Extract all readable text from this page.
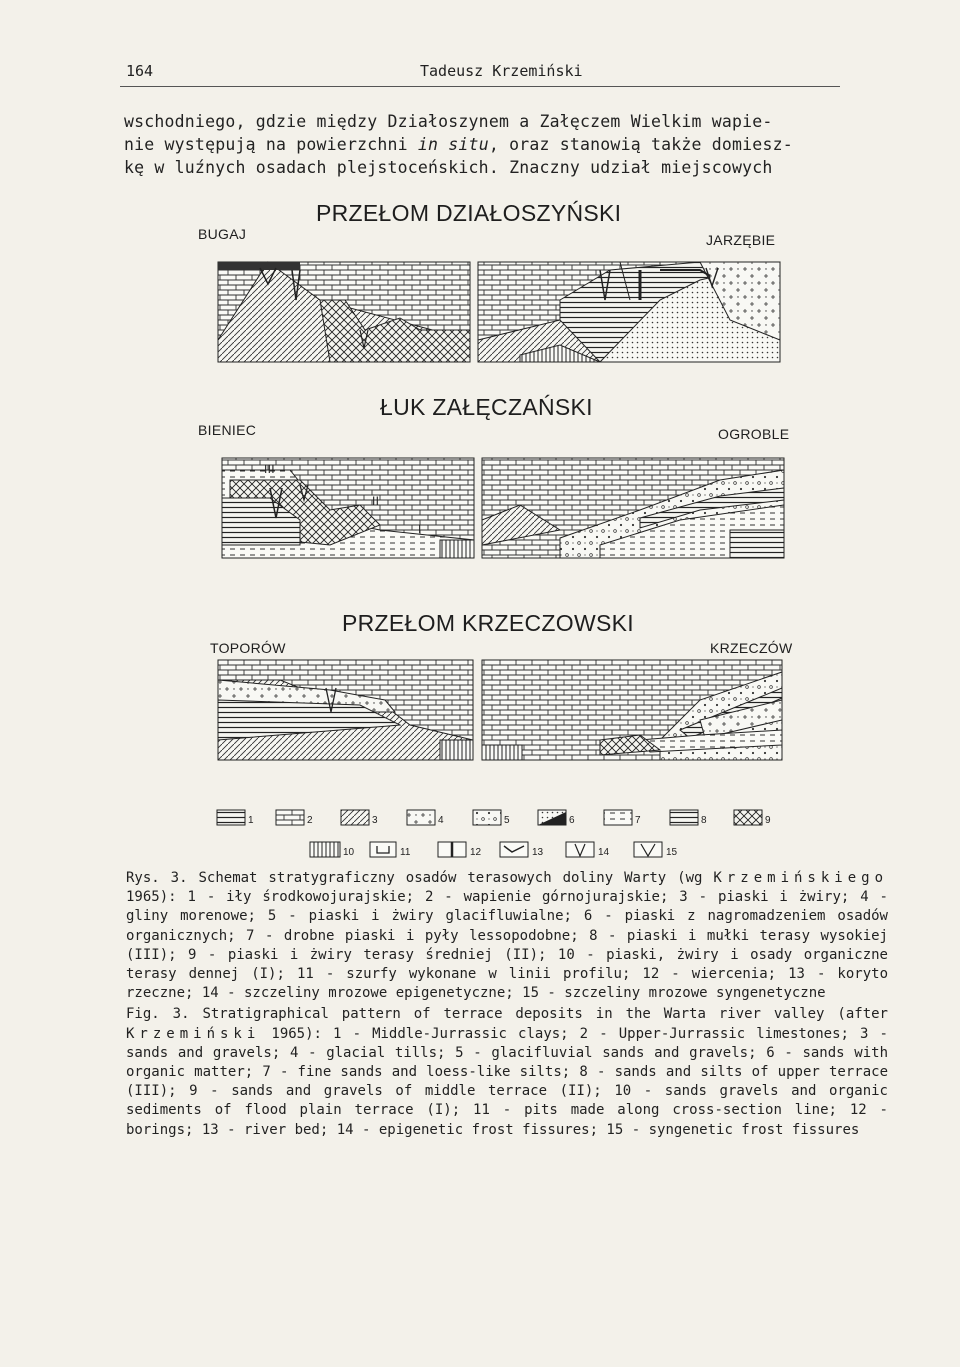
164	Tadeusz Krzemiński

wschodniego, gdzie między Działoszynem a Załęczem Wielkim wapie-

nie występują na powierzchni in situ, oraz stanowią także domiesz-

kę w luźnych osadach plejstoceńskich. Znaczny udział miejscowych

PRZEŁOM DZIAŁOSZYŃSKI
BUGAJ	JARZĘBIE
ŁUK ZAŁĘCZAŃSKI
BIENIEC	OGROBLE
III
II
I
PRZEŁOM KRZECZOWSKI
TOPORÓW	KRZECZÓW
1	2	3	4	5	6	7	8	9
10	11	12	13	14	15

Rys. 3. Schemat stratygraficzny osadów terasowych doliny Warty (wg Krzemińskiego 1965): 1 - iły środkowojurajskie; 2 - wapienie górnojurajskie; 3 - piaski i żwiry; 4 - gliny morenowe; 5 - piaski i żwiry glacifluwialne; 6 - piaski z nagromadzeniem osadów organicznych; 7 - drobne piaski i pyły lessopodobne; 8 - piaski i mułki terasy wysokiej (III); 9 - piaski i żwiry terasy średniej (II); 10 - piaski, żwiry i osady organiczne terasy dennej (I); 11 - szurfy wykonane w linii profilu; 12 - wiercenia; 13 - koryto rzeczne; 14 - szczeliny mrozowe epigenetyczne; 15 - szczeliny mrozowe syngenetyczne

Fig. 3. Stratigraphical pattern of terrace deposits in the Warta river valley (after Krzemiński 1965): 1 - Middle-Jurrassic clays; 2 - Upper-Jurrassic limestones; 3 - sands and gravels; 4 - glacial tills; 5 - glacifluvial sands and gravels; 6 - sands with organic matter; 7 - fine sands and loess-like silts; 8 - sands and silts of upper terrace (III); 9 - sands and gravels of middle terrace (II); 10 - sands gravels and organic sediments of flood plain terrace (I); 11 - pits made along cross-section line; 12 - borings; 13 - river bed; 14 - epigenetic frost fissures; 15 - syngenetic frost fissures
